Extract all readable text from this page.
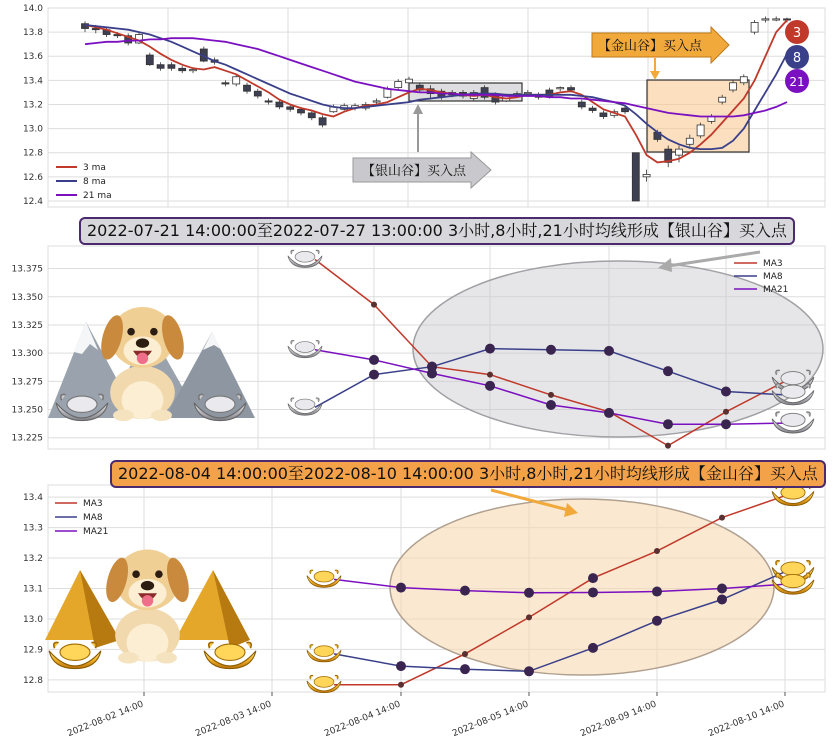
12.4
12.6
12.8
13.0
13.2
13.4
13.6
13.8
14.0
13.225
13.250
13.275
13.300
13.325
13.350
13.375
12.8
12.9
13.0
13.1
13.2
13.3
13.4
2022-08-02 14:00	2022-08-03 14:00	2022-08-04 14:00	2022-08-05 14:00	2022-08-09 14:00	2022-08-10 14:00
3 ma
8 ma
21 ma
【银山谷】买入点
【金山谷】买入点
3
8
21
MA3
MA8
MA21
MA3
MA8
MA21
2022-07-21 14:00:00至2022-07-27 13:00:00 3小时,8小时,21小时均线形成【银山谷】买入点
2022-08-04 14:00:00至2022-08-10 14:00:00 3小时,8小时,21小时均线形成【金山谷】买入点
